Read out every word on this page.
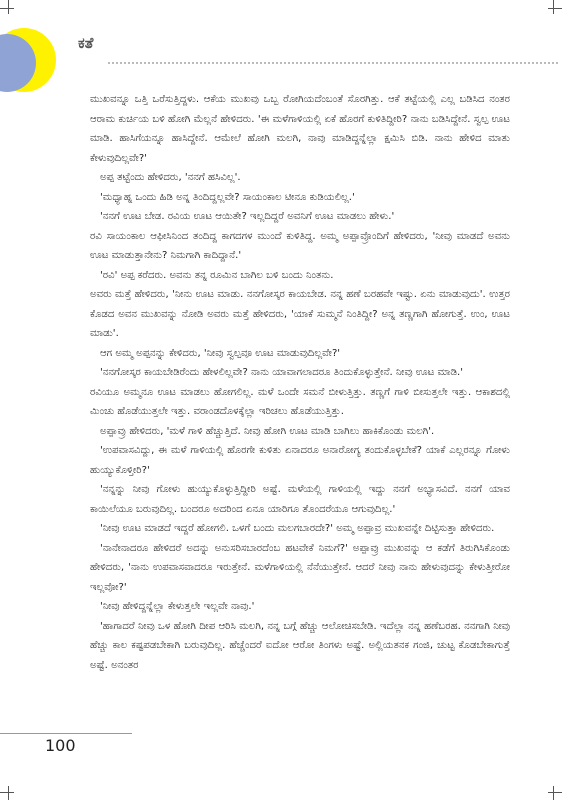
ಕತೆ

ಮುಖವನ್ನೂ ಒತ್ತಿ ಒರೆಸುತ್ತಿದ್ದಳು. ಆಕೆಯ ಮುಖವು ಒಬ್ಬ ರೋಗಿಯದೆಂಬಂತೆ ಸೊರಗಿತ್ತು. ಆಕೆ ತಟ್ಟೆಯಲ್ಲಿ ಎಲ್ಲ ಬಡಿಸಿದ ನಂತರ ಆರಾಮ ಕುರ್ಚಿಯ ಬಳಿ ಹೋಗಿ ಮೆಲ್ಲನೆ ಹೇಳಿದರು. 'ಈ ಮಳೆಗಾಳಿಯಲ್ಲಿ ಏಕೆ ಹೊರಗೆ ಕುಳಿತಿದ್ದೀರಿ? ನಾನು ಬಡಿಸಿದ್ದೇನೆ. ಸ್ವಲ್ಪ ಊಟ ಮಾಡಿ. ಹಾಸಿಗೆಯನ್ನೂ ಹಾಸಿದ್ದೇನೆ. ಆಮೇಲೆ ಹೋಗಿ ಮಲಗಿ, ನಾವು ಮಾಡಿದ್ದನ್ನೆಲ್ಲಾ ಕ್ಷಮಿಸಿ ಬಿಡಿ. ನಾನು ಹೇಳಿದ ಮಾತು ಕೇಳುವುದಿಲ್ಲವೇ?'

ಅಪ್ಪ ತಟ್ಟೆಂದು ಹೇಳಿದರು, 'ನನಗೆ ಹಸಿವಿಲ್ಲ'.

'ಮಧ್ಯಾಹ್ನ ಒಂದು ಹಿಡಿ ಅನ್ನ ತಿಂದಿದ್ದಲ್ಲವೇ? ಸಾಯಂಕಾಲ ಟೀನೂ ಕುಡಿಯಲಿಲ್ಲ.'

'ನನಗೆ ಊಟ ಬೇಡ. ರವಿಯ ಊಟ ಆಯಿತೇ? ಇಲ್ಲದಿದ್ದರೆ ಅವನಿಗೆ ಊಟ ಮಾಡಲು ಹೇಳು.'

ರವಿ ಸಾಯಂಕಾಲ ಆಫೀಸಿನಿಂದ ತಂದಿದ್ದ ಕಾಗದಗಳ ಮುಂದೆ ಕುಳಿತಿದ್ದ. ಅಮ್ಮ ಅಪ್ಪಾವ್ರೊಂದಿಗೆ ಹೇಳಿದರು, 'ನೀವು ಮಾಡದೆ ಅವನು ಊಟ ಮಾಡುತ್ತಾನೇನು? ನಿಮಗಾಗಿ ಕಾದಿದ್ದಾನೆ.'

'ರವಿ' ಅಪ್ಪ ಕರೆದರು. ಅವನು ತನ್ನ ರೂಮಿನ ಬಾಗಿಲ ಬಳಿ ಬಂದು ನಿಂತನು.

ಅವರು ಮತ್ತೆ ಹೇಳಿದರು, 'ನೀನು ಊಟ ಮಾಡು. ನನಗೋಸ್ಕರ ಕಾಯಬೇಡ. ನನ್ನ ಹಣೆ ಬರಹವೇ ಇಷ್ಟು. ಏನು ಮಾಡುವುದು'. ಉತ್ತರ ಕೊಡದ ಅವನ ಮುಖವನ್ನು ನೋಡಿ ಅವರು ಮತ್ತೆ ಹೇಳಿದರು, 'ಯಾಕೆ ಸುಮ್ಮನೆ ನಿಂತಿದ್ದೀ? ಅನ್ನ ತಣ್ಣಗಾಗಿ ಹೋಗುತ್ತೆ. ಉಂ, ಊಟ ಮಾಡು'.

ಆಗ ಅಮ್ಮ ಅಪ್ಪನನ್ನು ಕೇಳಿದರು, 'ನೀವು ಸ್ವಲ್ಪವೂ ಊಟ ಮಾಡುವುದಿಲ್ಲವೇ?'

'ನನಗೋಸ್ಕರ ಕಾಯಬೇಡಿರೆಂದು ಹೇಳಲಿಲ್ಲವೇ? ನಾನು ಯಾವಾಗಲಾದರೂ ತಿಂದುಕೊಳ್ಳುತ್ತೇನೆ. ನೀವು ಊಟ ಮಾಡಿ.'

ರವಿಯೂ ಅಮ್ಮನೂ ಊಟ ಮಾಡಲು ಹೋಗಲಿಲ್ಲ. ಮಳೆ ಒಂದೇ ಸಮನೆ ಬೀಳುತ್ತಿತ್ತು. ತಣ್ಣಗೆ ಗಾಳಿ ಬೀಸುತ್ತಲೇ ಇತ್ತು. ಆಕಾಶದಲ್ಲಿ ಮಿಂಚು ಹೊಡೆಯುತ್ತಲೇ ಇತ್ತು. ವರಾಂಡದೊಳಕ್ಕೆಲ್ಲಾ ಇರಿಚಲು ಹೊಡೆಯುತ್ತಿತ್ತು.

ಅಪ್ಪಾವ್ರು ಹೇಳಿದರು, 'ಮಳೆ ಗಾಳಿ ಹೆಚ್ಚುತ್ತಿದೆ. ನೀವು ಹೋಗಿ ಊಟ ಮಾಡಿ ಬಾಗಿಲು ಹಾಕಿಕೊಂಡು ಮಲಗಿ'.

'ಉಪವಾಸವಿದ್ದು, ಈ ಮಳೆ ಗಾಳಿಯಲ್ಲಿ ಹೊರಗೇ ಕುಳಿತು ಏನಾದರೂ ಅನಾರೋಗ್ಯ ತಂದುಕೊಳ್ಳಬೇಕೆ? ಯಾಕೆ ಎಲ್ಲರನ್ನೂ ಗೋಳು ಹುಯ್ಯುಕೊಳ್ತೀರಿ?'

'ನನ್ನನ್ನು ನೀವು ಗೋಳು ಹುಯ್ಯುಕೊಳ್ಳುತ್ತಿದ್ದೀರಿ ಅಷ್ಟೆ. ಮಳೆಯಲ್ಲಿ ಗಾಳಿಯಲ್ಲಿ ಇದ್ದು ನನಗೆ ಅಭ್ಯಾಸವಿದೆ. ನನಗೆ ಯಾವ ಕಾಯಿಲೆಯೂ ಬರುವುದಿಲ್ಲ. ಬಂದರೂ ಅದರಿಂದ ಏನೂ ಯಾರಿಗೂ ತೊಂದರೆಯೂ ಆಗುವುದಿಲ್ಲ.'

'ನೀವು ಊಟ ಮಾಡದೆ ಇದ್ದರೆ ಹೋಗಲಿ. ಒಳಗೆ ಬಂದು ಮಲಗಬಾರದೇ?' ಅಮ್ಮ ಅಪ್ಪಾವ್ರ ಮುಖವನ್ನೇ ದಿಟ್ಟಿಸುತ್ತಾ ಹೇಳಿದರು.

'ನಾನೇನಾದರೂ ಹೇಳಿದರೆ ಅದನ್ನು ಅನುಸರಿಸಬಾರದೆಂಬ ಹಟವೇಕೆ ನಿಮಗೆ?' ಅಪ್ಪಾವ್ರು ಮುಖವನ್ನು ಆ ಕಡೆಗೆ ತಿರುಗಿಸಿಕೊಂಡು ಹೇಳಿದರು, 'ನಾನು ಉಪವಾಸವಾದರೂ ಇರುತ್ತೇನೆ. ಮಳೆಗಾಳಿಯಲ್ಲಿ ನೆನೆಯುತ್ತೇನೆ. ಆದರೆ ನೀವು ನಾನು ಹೇಳುವುದನ್ನು ಕೇಳುತ್ತೀರೋ ಇಲ್ಲವೋ?'

'ನೀವು ಹೇಳಿದ್ದನ್ನೆಲ್ಲಾ ಕೇಳುತ್ತಲೇ ಇಲ್ಲವೇ ನಾವು.'

'ಹಾಗಾದರೆ ನೀವು ಒಳ ಹೋಗಿ ದೀಪ ಆರಿಸಿ ಮಲಗಿ, ನನ್ನ ಬಗ್ಗೆ ಹೆಚ್ಚು ಆಲೋಚಿಸಬೇಡಿ. ಇದೆಲ್ಲಾ ನನ್ನ ಹಣೆಬರಹ. ನನಗಾಗಿ ನೀವು ಹೆಚ್ಚು ಕಾಲ ಕಷ್ಟಪಡಬೇಕಾಗಿ ಬರುವುದಿಲ್ಲ. ಹೆಚ್ಚೆಂದರೆ ಐದೋ ಆರೋ ತಿಂಗಳು ಅಷ್ಟೆ. ಅಲ್ಲಿಯತನಕ ಗಂಜಿ, ಚುಟ್ಟ ಕೊಡಬೇಕಾಗುತ್ತೆ ಅಷ್ಟೆ. ಅನಂತರ

100
